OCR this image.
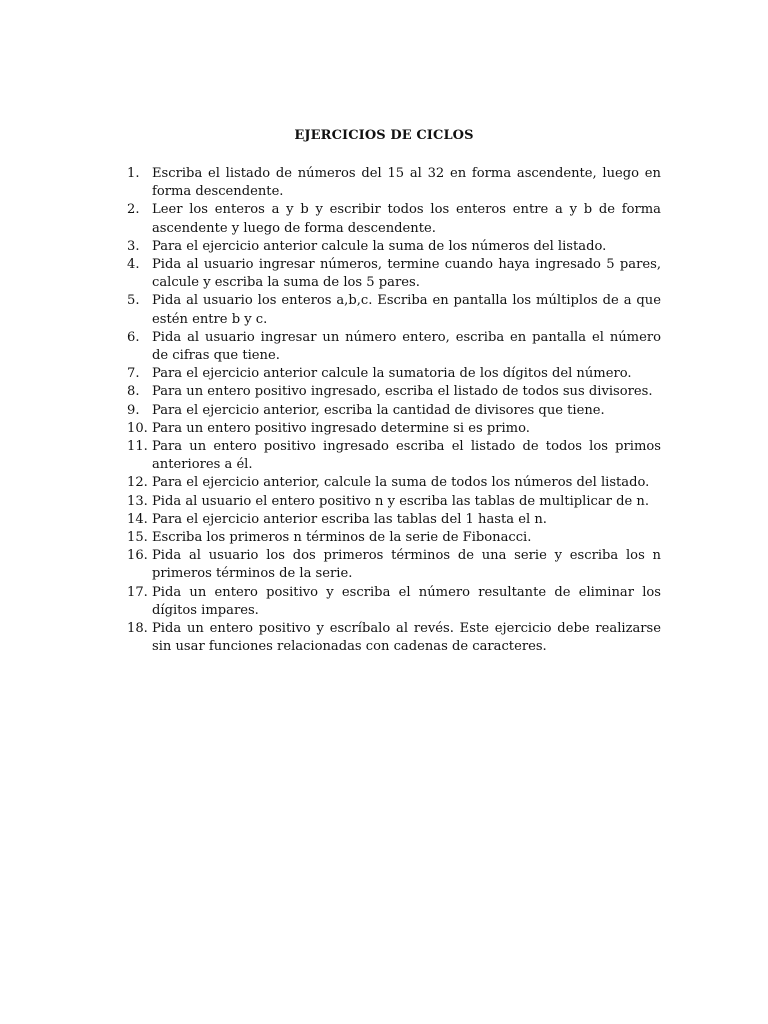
EJERCICIOS DE CICLOS
1. Escriba el listado de números del 15 al 32 en forma ascendente, luego en forma descendente.
2. Leer los enteros a y b y escribir todos los enteros entre a y b de forma ascendente y luego de forma descendente.
3. Para el ejercicio anterior calcule la suma de los números del listado.
4. Pida al usuario ingresar números, termine cuando haya ingresado 5 pares, calcule y escriba la suma de los 5 pares.
5. Pida al usuario los enteros a,b,c. Escriba en pantalla los múltiplos de a que estén entre b y c.
6. Pida al usuario ingresar un número entero, escriba en pantalla el número de cifras que tiene.
7. Para el ejercicio anterior calcule la sumatoria de los dígitos del número.
8. Para un entero positivo ingresado, escriba el listado de todos sus divisores.
9. Para el ejercicio anterior, escriba la cantidad de divisores que tiene.
10. Para un entero positivo ingresado determine si es primo.
11. Para un entero positivo ingresado escriba el listado de todos los primos anteriores a él.
12. Para el ejercicio anterior, calcule la suma de todos los números del listado.
13. Pida al usuario el entero positivo n y escriba las tablas de multiplicar de n.
14. Para el ejercicio anterior escriba las tablas del 1 hasta el n.
15. Escriba los primeros n términos de la serie de Fibonacci.
16. Pida al usuario los dos primeros términos de una serie y escriba los n primeros términos de la serie.
17. Pida un entero positivo y escriba el número resultante de eliminar los dígitos impares.
18. Pida un entero positivo y escríbalo al revés. Este ejercicio debe realizarse sin usar funciones relacionadas con cadenas de caracteres.
